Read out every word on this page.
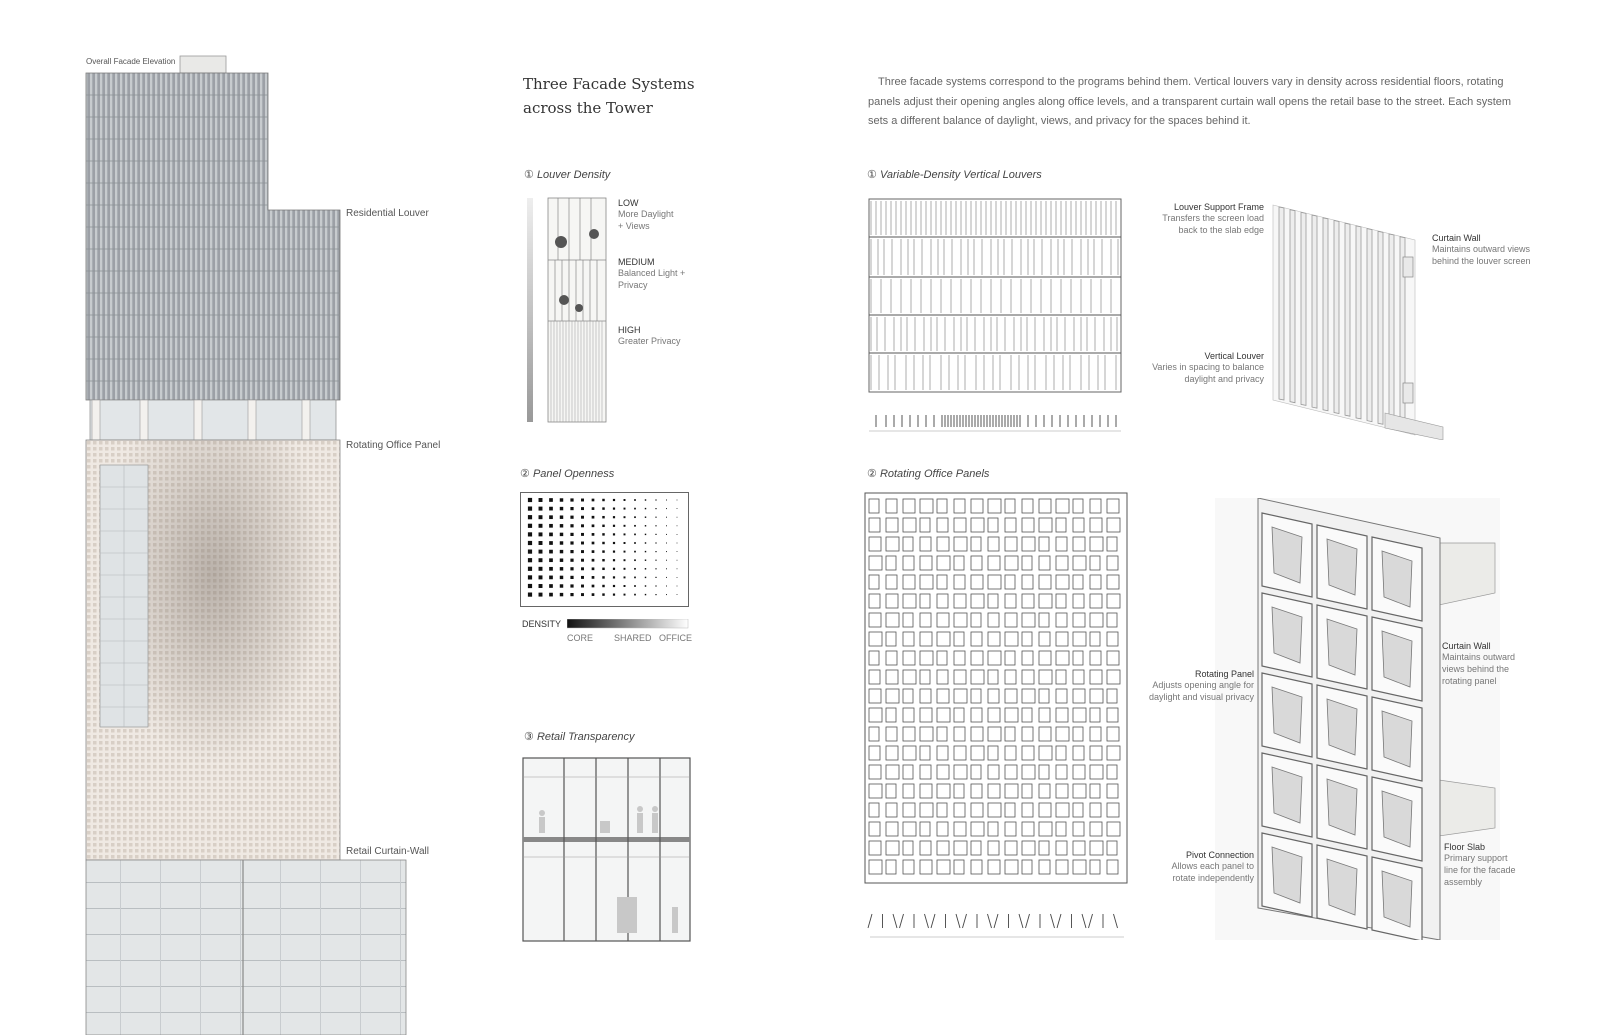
Overall Facade Elevation
Residential Louver
Rotating Office Panel
Retail Curtain-Wall
Three Facade Systems
across the Tower
Three facade systems correspond to the programs behind them. Vertical louvers vary in density across residential floors, rotating panels adjust their opening angles along office levels, and a transparent curtain wall opens the retail base to the street. Each system sets a different balance of daylight, views, and privacy for the spaces behind it.
① Louver Density
LOW
More Daylight
+ Views
MEDIUM
Balanced Light +
Privacy
HIGH
Greater Privacy
② Panel Openness
DENSITY
CORE SHARED OFFICE
③ Retail Transparency
① Variable-Density Vertical Louvers
Louver Support Frame
Transfers the screen load
back to the slab edge
Curtain Wall
Maintains outward views
behind the louver screen
Vertical Louver
Varies in spacing to balance
daylight and privacy
② Rotating Office Panels
Rotating Panel
Adjusts opening angle for
daylight and visual privacy
Curtain Wall
Maintains outward
views behind the
rotating panel
Pivot Connection
Allows each panel to
rotate independently
Floor Slab
Primary support
line for the facade
assembly
